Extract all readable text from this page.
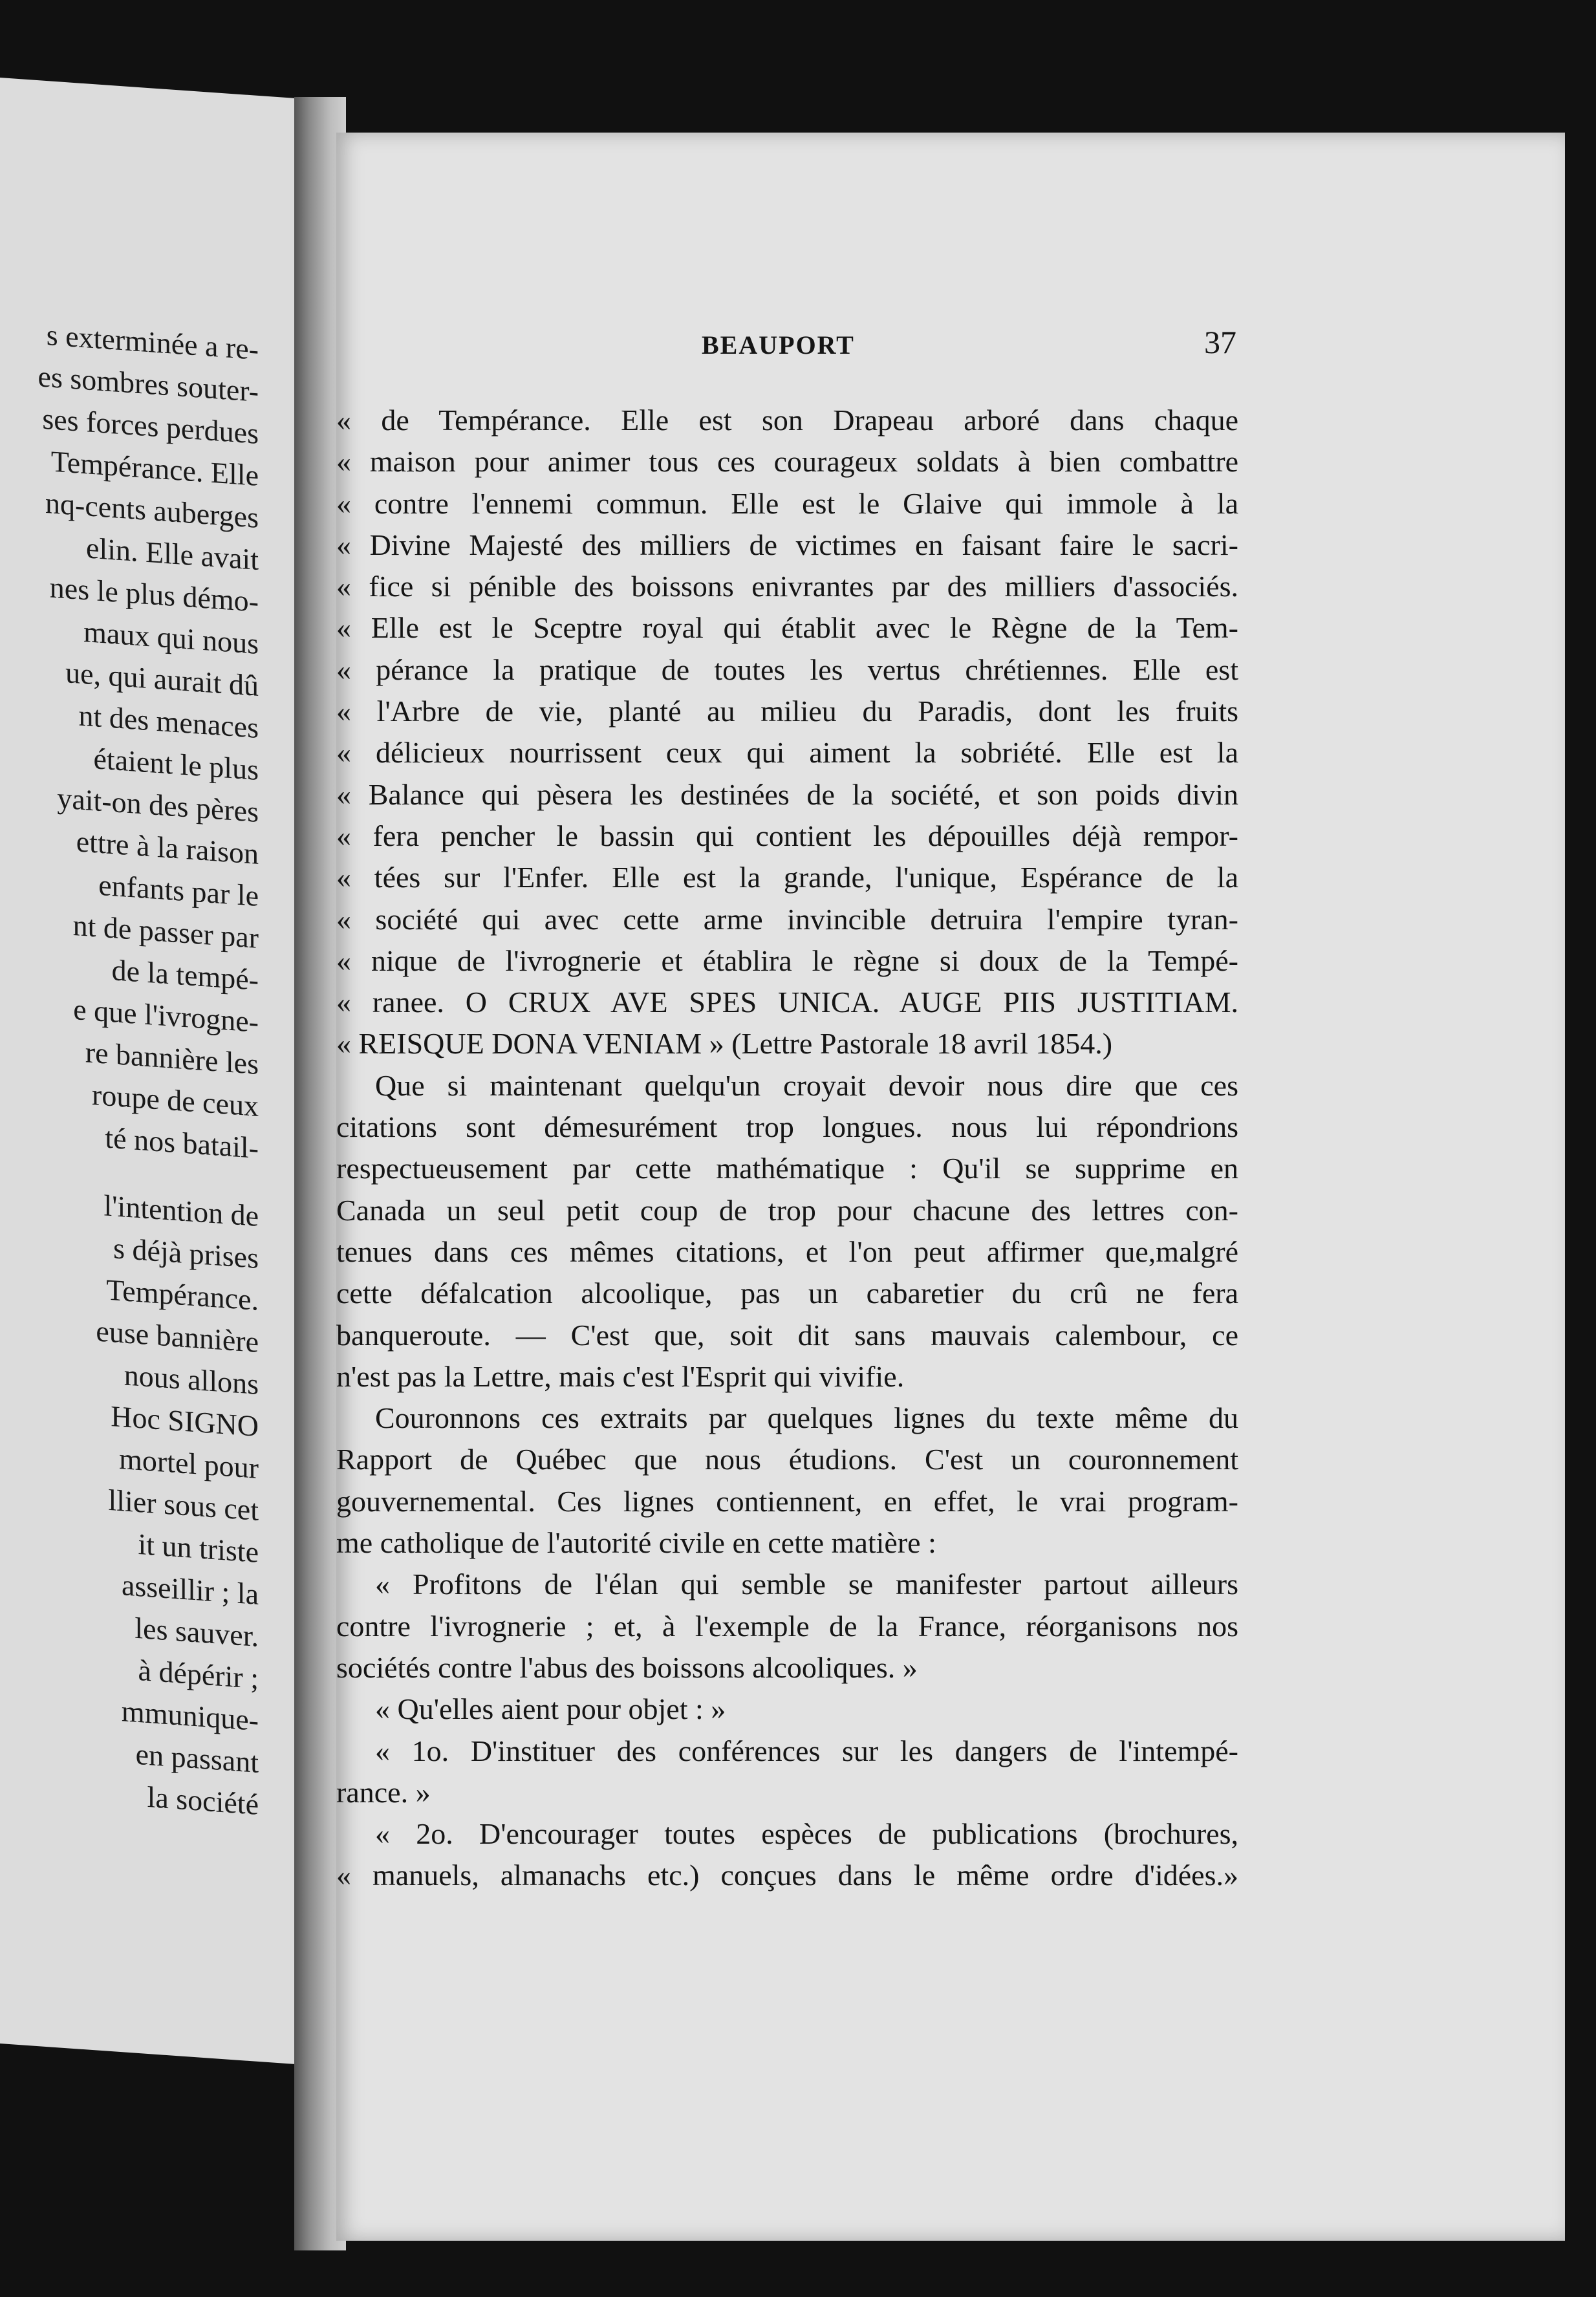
s exterminée a re-
es sombres souter-
ses forces perdues
Tempérance. Elle
nq-cents auberges
elin. Elle avait
nes le plus démo-
maux qui nous
ue, qui aurait dû
nt des menaces
étaient le plus
yait-on des pères
ettre à la raison
enfants par le
nt de passer par
de la tempé-
e que l'ivrogne-
re bannière les
roupe de ceux
té nos batail-
l'intention de
s déjà prises
Tempérance.
euse bannière
nous allons
Hoc SIGNO
mortel pour
llier sous cet
it un triste
asseillir ; la
les sauver.
à dépérir ;
mmunique-
en passant
la société
BEAUPORT	37
« de Tempérance. Elle est son Drapeau arboré dans chaque
« maison pour animer tous ces courageux soldats à bien combattre
« contre l'ennemi commun. Elle est le Glaive qui immole à la
« Divine Majesté des milliers de victimes en faisant faire le sacri-
« fice si pénible des boissons enivrantes par des milliers d'associés.
« Elle est le Sceptre royal qui établit avec le Règne de la Tem-
« pérance la pratique de toutes les vertus chrétiennes. Elle est
« l'Arbre de vie, planté au milieu du Paradis, dont les fruits
« délicieux nourrissent ceux qui aiment la sobriété. Elle est la
« Balance qui pèsera les destinées de la société, et son poids divin
« fera pencher le bassin qui contient les dépouilles déjà rempor-
« tées sur l'Enfer. Elle est la grande, l'unique, Espérance de la
« société qui avec cette arme invincible detruira l'empire tyran-
« nique de l'ivrognerie et établira le règne si doux de la Tempé-
« ranee. O CRUX AVE SPES UNICA. AUGE PIIS JUSTITIAM.
« REISQUE DONA VENIAM » (Lettre Pastorale 18 avril 1854.)
Que si maintenant quelqu'un croyait devoir nous dire que ces
citations sont démesurément trop longues. nous lui répondrions
respectueusement par cette mathématique : Qu'il se supprime en
Canada un seul petit coup de trop pour chacune des lettres con-
tenues dans ces mêmes citations, et l'on peut affirmer que,malgré
cette défalcation alcoolique, pas un cabaretier du crû ne fera
banqueroute. — C'est que, soit dit sans mauvais calembour, ce
n'est pas la Lettre, mais c'est l'Esprit qui vivifie.
Couronnons ces extraits par quelques lignes du texte même du
Rapport de Québec que nous étudions. C'est un couronnement
gouvernemental. Ces lignes contiennent, en effet, le vrai program-
me catholique de l'autorité civile en cette matière :
« Profitons de l'élan qui semble se manifester partout ailleurs
contre l'ivrognerie ; et, à l'exemple de la France, réorganisons nos
sociétés contre l'abus des boissons alcooliques. »
« Qu'elles aient pour objet : »
« 1o. D'instituer des conférences sur les dangers de l'intempé-
rance. »
« 2o. D'encourager toutes espèces de publications (brochures,
« manuels, almanachs etc.) conçues dans le même ordre d'idées.»
